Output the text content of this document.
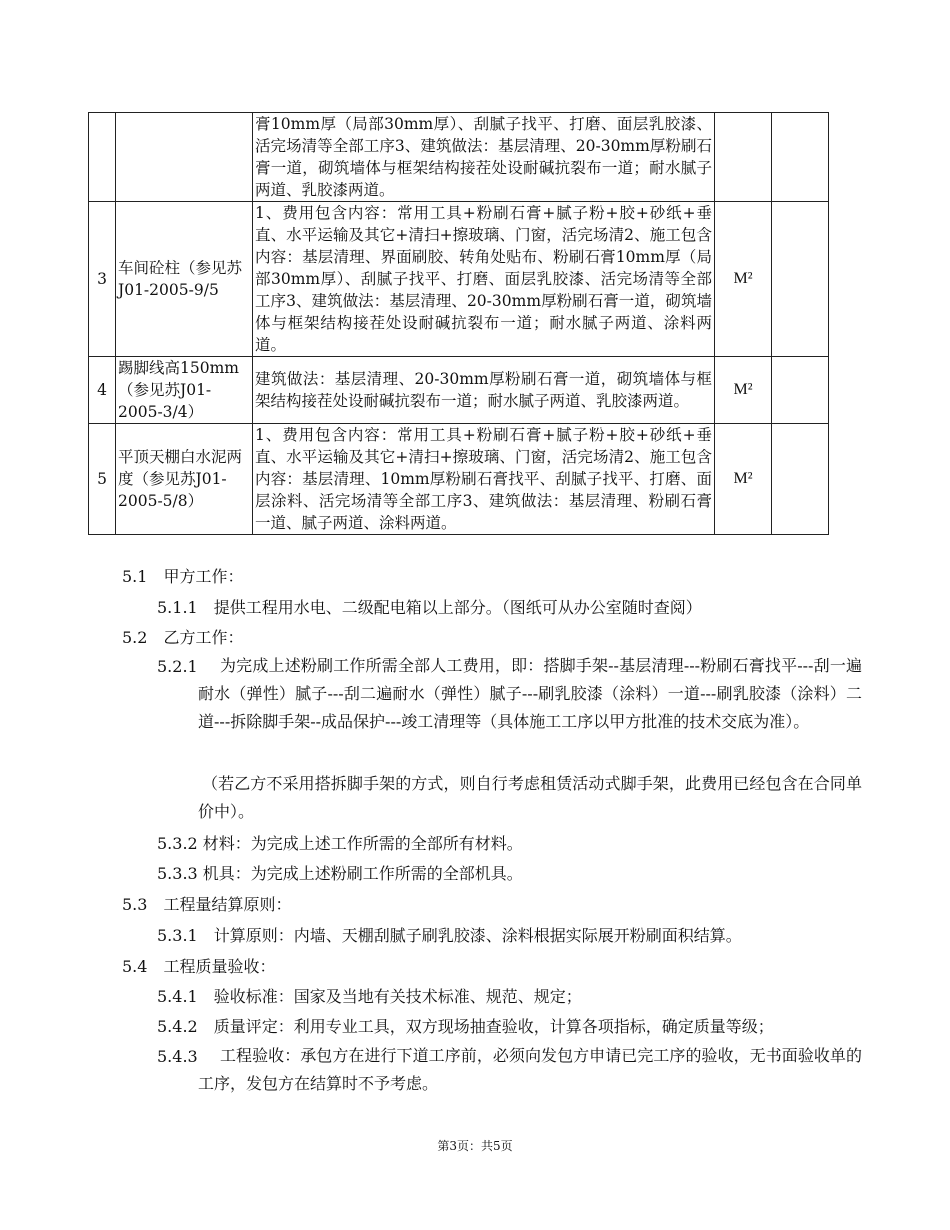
		膏10mm厚（局部30mm厚）、刮腻子找平、打磨、面层乳胶漆、活完场清等全部工序3、建筑做法：基层清理、20-30mm厚粉刷石膏一道，砌筑墙体与框架结构接茬处设耐碱抗裂布一道；耐水腻子两道、乳胶漆两道。		

3	车间砼柱（参见苏J01-2005-9/5	1、费用包含内容：常用工具+粉刷石膏+腻子粉+胶+砂纸+垂直、水平运输及其它+清扫+擦玻璃、门窗，活完场清2、施工包含内容：基层清理、界面刷胶、转角处贴布、粉刷石膏10mm厚（局部30mm厚）、刮腻子找平、打磨、面层乳胶漆、活完场清等全部工序3、建筑做法：基层清理、20-30mm厚粉刷石膏一道，砌筑墙体与框架结构接茬处设耐碱抗裂布一道；耐水腻子两道、涂料两道。	M²	
4	踢脚线高150mm（参见苏J01-2005-3/4）	建筑做法：基层清理、20-30mm厚粉刷石膏一道，砌筑墙体与框架结构接茬处设耐碱抗裂布一道；耐水腻子两道、乳胶漆两道。	M²	
5	平顶天棚白水泥两度（参见苏J01-2005-5/8）	1、费用包含内容：常用工具+粉刷石膏+腻子粉+胶+砂纸+垂直、水平运输及其它+清扫+擦玻璃、门窗，活完场清2、施工包含内容：基层清理、10mm厚粉刷石膏找平、刮腻子找平、打磨、面层涂料、活完场清等全部工序3、建筑做法：基层清理、粉刷石膏一道、腻子两道、涂料两道。	M²	
5.1　甲方工作：
5.1.1　提供工程用水电、二级配电箱以上部分。（图纸可从办公室随时查阅）
5.2　乙方工作：
5.2.1	为完成上述粉刷工作所需全部人工费用，即：搭脚手架--基层清理---粉刷石膏找平---刮一遍耐水（弹性）腻子---刮二遍耐水（弹性）腻子---刷乳胶漆（涂料）一道---刷乳胶漆（涂料）二道---拆除脚手架--成品保护---竣工清理等（具体施工工序以甲方批准的技术交底为准）。
（若乙方不采用搭拆脚手架的方式，则自行考虑租赁活动式脚手架，此费用已经包含在合同单价中）。
5.3.2 材料：为完成上述工作所需的全部所有材料。
5.3.3 机具：为完成上述粉刷工作所需的全部机具。
5.3　工程量结算原则：
5.3.1　计算原则：内墙、天棚刮腻子刷乳胶漆、涂料根据实际展开粉刷面积结算。
5.4　工程质量验收：
5.4.1　验收标准：国家及当地有关技术标准、规范、规定；
5.4.2　质量评定：利用专业工具，双方现场抽查验收，计算各项指标，确定质量等级；
5.4.3	工程验收：承包方在进行下道工序前，必须向发包方申请已完工序的验收，无书面验收单的工序，发包方在结算时不予考虑。
第3页：共5页
